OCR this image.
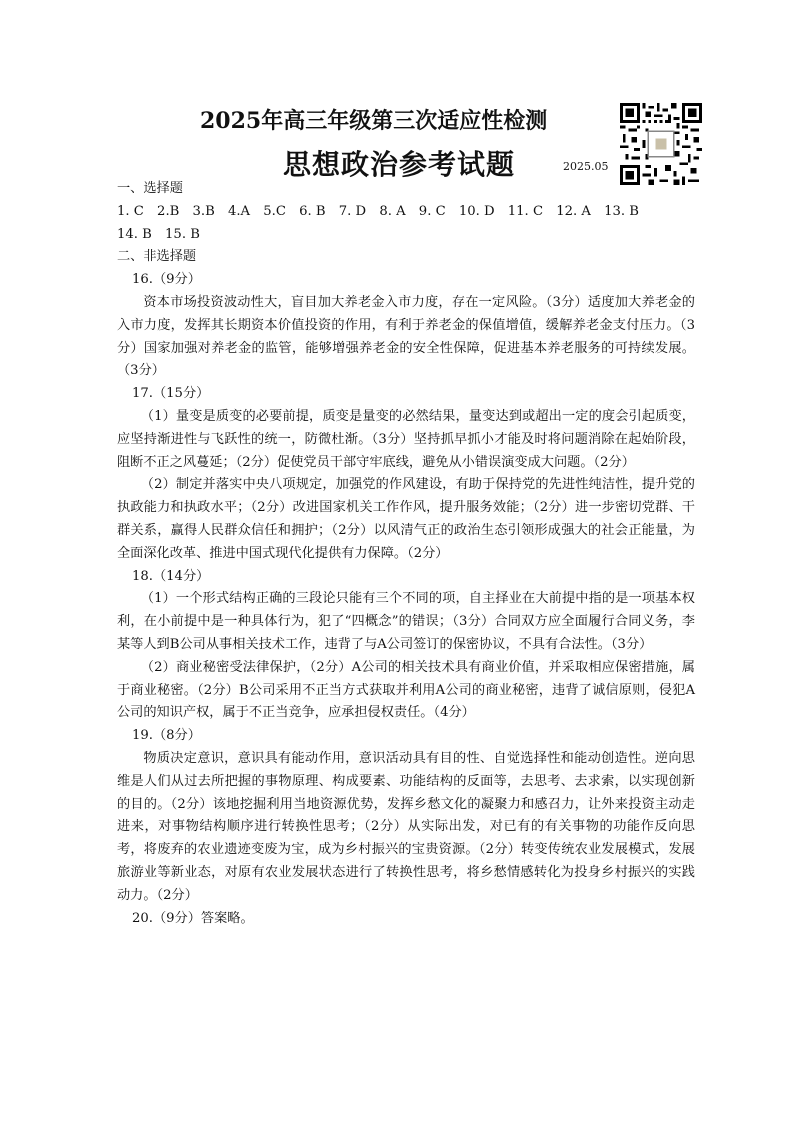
2025年高三年级第三次适应性检测
思想政治参考试题	2025.05

一、选择题

1. C　2.B　3.B　4.A　5.C　6. B　7. D　8. A　9. C　10. D　11. C　12. A　13. B

14. B　15. B

二、非选择题

16.（9分）

资本市场投资波动性大，盲目加大养老金入市力度，存在一定风险。（3分）适度加大养老金的入市力度，发挥其长期资本价值投资的作用，有利于养老金的保值增值，缓解养老金支付压力。（3分）国家加强对养老金的监管，能够增强养老金的安全性保障，促进基本养老服务的可持续发展。（3分）

17.（15分）

（1）量变是质变的必要前提，质变是量变的必然结果，量变达到或超出一定的度会引起质变，应坚持渐进性与飞跃性的统一，防微杜渐。（3分）坚持抓早抓小才能及时将问题消除在起始阶段，阻断不正之风蔓延；（2分）促使党员干部守牢底线，避免从小错误演变成大问题。（2分）

（2）制定并落实中央八项规定，加强党的作风建设，有助于保持党的先进性纯洁性，提升党的执政能力和执政水平；（2分）改进国家机关工作作风，提升服务效能；（2分）进一步密切党群、干群关系，赢得人民群众信任和拥护；（2分）以风清气正的政治生态引领形成强大的社会正能量，为全面深化改革、推进中国式现代化提供有力保障。（2分）

18.（14分）

（1）一个形式结构正确的三段论只能有三个不同的项，自主择业在大前提中指的是一项基本权利，在小前提中是一种具体行为，犯了“四概念”的错误；（3分）合同双方应全面履行合同义务，李某等人到B公司从事相关技术工作，违背了与A公司签订的保密协议，不具有合法性。（3分）

（2）商业秘密受法律保护，（2分）A公司的相关技术具有商业价值，并采取相应保密措施，属于商业秘密。（2分）B公司采用不正当方式获取并利用A公司的商业秘密，违背了诚信原则，侵犯A公司的知识产权，属于不正当竞争，应承担侵权责任。（4分）

19.（8分）

物质决定意识，意识具有能动作用，意识活动具有目的性、自觉选择性和能动创造性。逆向思维是人们从过去所把握的事物原理、构成要素、功能结构的反面等，去思考、去求索，以实现创新的目的。（2分）该地挖掘利用当地资源优势，发挥乡愁文化的凝聚力和感召力，让外来投资主动走进来，对事物结构顺序进行转换性思考；（2分）从实际出发，对已有的有关事物的功能作反向思考，将废弃的农业遗迹变废为宝，成为乡村振兴的宝贵资源。（2分）转变传统农业发展模式，发展旅游业等新业态，对原有农业发展状态进行了转换性思考，将乡愁情感转化为投身乡村振兴的实践动力。（2分）

20.（9分）答案略。
